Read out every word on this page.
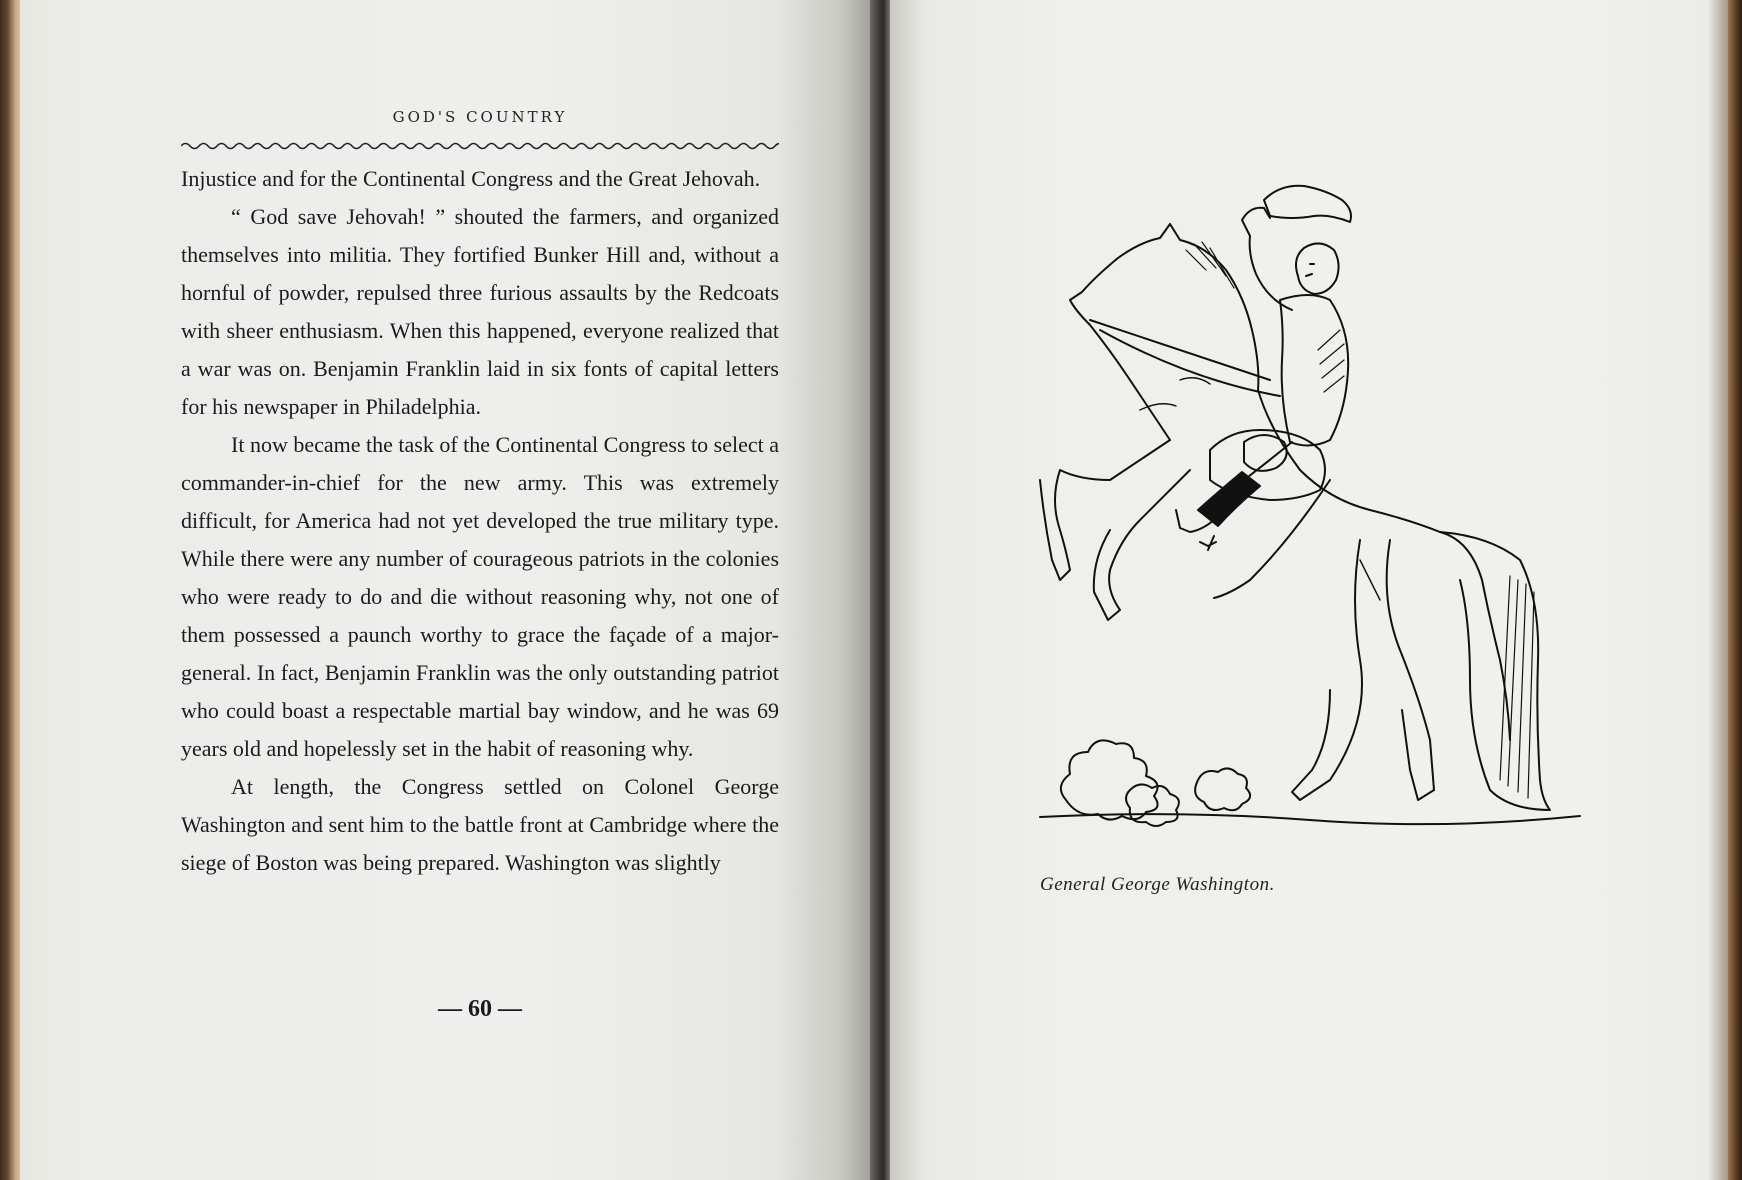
GOD'S COUNTRY

Injustice and for the Continental Congress and the Great Jehovah.

“ God save Jehovah! ” shouted the farmers, and organized themselves into militia. They fortified Bunker Hill and, without a hornful of powder, repulsed three furious assaults by the Redcoats with sheer enthusiasm. When this happened, everyone realized that a war was on. Benjamin Franklin laid in six fonts of capital letters for his newspaper in Philadelphia.

It now became the task of the Continental Congress to select a commander-in-chief for the new army. This was extremely difficult, for America had not yet developed the true military type. While there were any number of courageous patriots in the colonies who were ready to do and die without reasoning why, not one of them possessed a paunch worthy to grace the façade of a major-general. In fact, Benjamin Franklin was the only outstanding patriot who could boast a respectable martial bay window, and he was 69 years old and hopelessly set in the habit of reasoning why.

At length, the Congress settled on Colonel George Washington and sent him to the battle front at Cambridge where the siege of Boston was being prepared. Washington was slightly

— 60 —
General George Washington.
